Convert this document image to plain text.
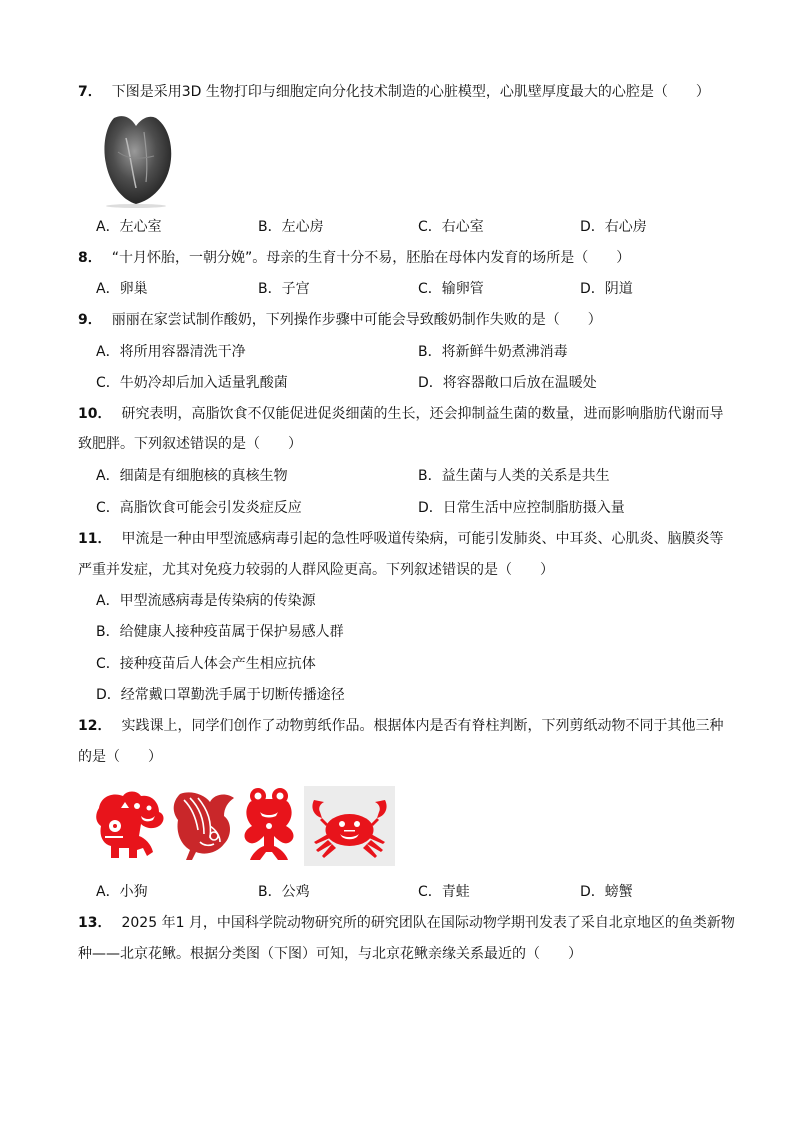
7． 下图是采用3D 生物打印与细胞定向分化技术制造的心脏模型，心肌壁厚度最大的心腔是（　　）
A．左心室	B．左心房	C．右心室	D．右心房
8． “十月怀胎，一朝分娩”。母亲的生育十分不易，胚胎在母体内发育的场所是（　　）
A．卵巢	B．子宫	C．输卵管	D．阴道
9． 丽丽在家尝试制作酸奶，下列操作步骤中可能会导致酸奶制作失败的是（　　）
A．将所用容器清洗干净	B．将新鲜牛奶煮沸消毒
C．牛奶冷却后加入适量乳酸菌	D．将容器敞口后放在温暖处
10． 研究表明，高脂饮食不仅能促进促炎细菌的生长，还会抑制益生菌的数量，进而影响脂肪代谢而导
致肥胖。下列叙述错误的是（　　）
A．细菌是有细胞核的真核生物	B．益生菌与人类的关系是共生
C．高脂饮食可能会引发炎症反应	D．日常生活中应控制脂肪摄入量
11． 甲流是一种由甲型流感病毒引起的急性呼吸道传染病，可能引发肺炎、中耳炎、心肌炎、脑膜炎等
严重并发症，尤其对免疫力较弱的人群风险更高。下列叙述错误的是（　　）
A．甲型流感病毒是传染病的传染源
B．给健康人接种疫苗属于保护易感人群
C．接种疫苗后人体会产生相应抗体
D．经常戴口罩勤洗手属于切断传播途径
12． 实践课上，同学们创作了动物剪纸作品。根据体内是否有脊柱判断，下列剪纸动物不同于其他三种
的是（　　）
A．小狗	B．公鸡	C．青蛙	D．螃蟹
13． 2025 年1 月，中国科学院动物研究所的研究团队在国际动物学期刊发表了采自北京地区的鱼类新物
种——北京花鳅。根据分类图（下图）可知，与北京花鳅亲缘关系最近的（　　）
